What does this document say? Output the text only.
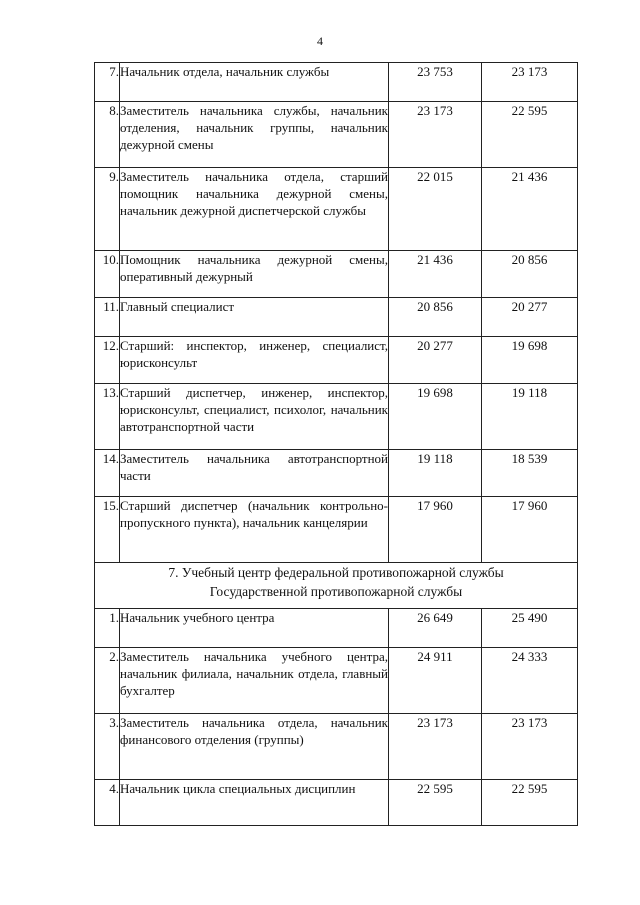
4
7.	Начальник отдела, начальник службы	23 753	23 173
8.	Заместитель начальника службы, начальник отделения, начальник группы, начальник дежурной смены	23 173	22 595
9.	Заместитель начальника отдела, старший помощник начальника дежурной смены, начальник дежурной диспетчерской службы	22 015	21 436
10.	Помощник начальника дежурной смены, оперативный дежурный	21 436	20 856
11.	Главный специалист	20 856	20 277
12.	Старший: инспектор, инженер, специалист, юрисконсульт	20 277	19 698
13.	Старший диспетчер, инженер, инспектор, юрисконсульт, специалист, психолог, начальник автотранспортной части	19 698	19 118
14.	Заместитель начальника автотранспортной части	19 118	18 539
15.	Старший диспетчер (начальник контрольно-пропускного пункта), начальник канцелярии	17 960	17 960

7. Учебный центр федеральной противопожарной службы
Государственной противопожарной службы			

1.	Начальник учебного центра	26 649	25 490
2.	Заместитель начальника учебного центра, начальник филиала, начальник отдела, главный бухгалтер	24 911	24 333
3.	Заместитель начальника отдела, начальник финансового отделения (группы)	23 173	23 173
4.	Начальник цикла специальных дисциплин	22 595	22 595
